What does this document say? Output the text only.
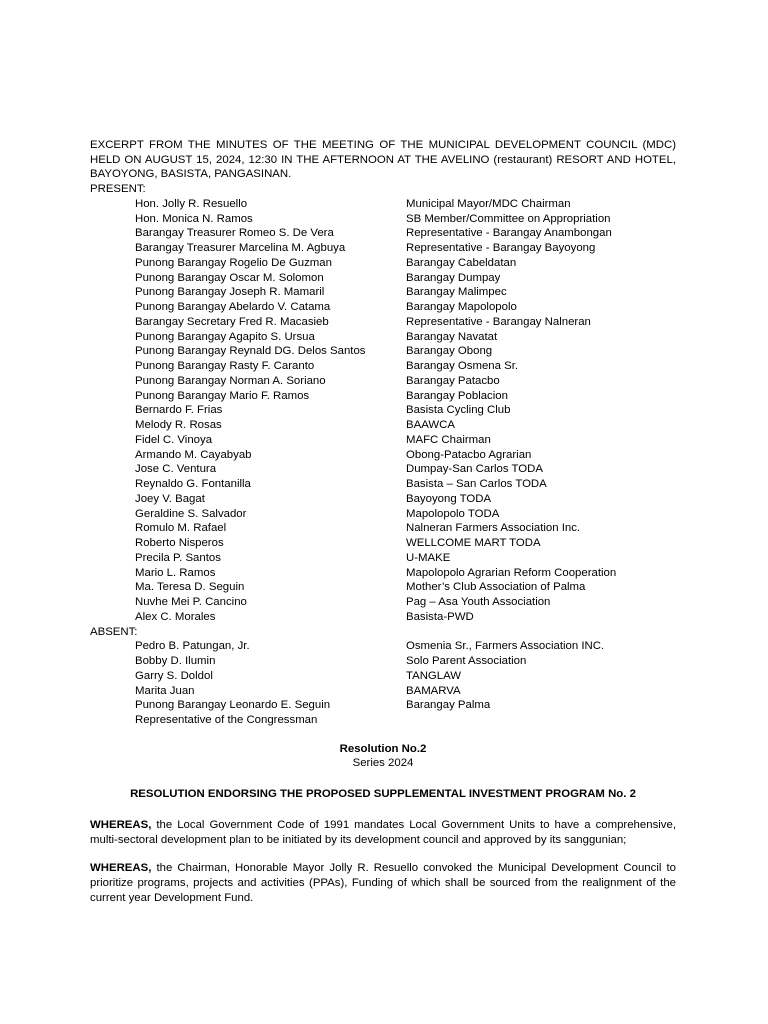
EXCERPT FROM THE MINUTES OF THE MEETING OF THE MUNICIPAL DEVELOPMENT COUNCIL (MDC) HELD ON AUGUST 15, 2024, 12:30 IN THE AFTERNOON AT THE AVELINO (restaurant) RESORT AND HOTEL, BAYOYONG, BASISTA, PANGASINAN.
PRESENT:
Hon. Jolly R. Resuello	Municipal Mayor/MDC Chairman
Hon. Monica N. Ramos	SB Member/Committee on Appropriation
Barangay Treasurer Romeo S. De Vera	Representative - Barangay Anambongan
Barangay Treasurer Marcelina M. Agbuya	Representative - Barangay Bayoyong
Punong Barangay Rogelio De Guzman	Barangay Cabeldatan
Punong Barangay Oscar M. Solomon	Barangay Dumpay
Punong Barangay Joseph R. Mamaril	Barangay Malimpec
Punong Barangay Abelardo V. Catama	Barangay Mapolopolo
Barangay Secretary Fred R. Macasieb	Representative - Barangay Nalneran
Punong Barangay Agapito S. Ursua	Barangay Navatat
Punong Barangay Reynald DG. Delos Santos	Barangay Obong
Punong Barangay Rasty F. Caranto	Barangay Osmena Sr.
Punong Barangay Norman A. Soriano	Barangay Patacbo
Punong Barangay Mario F. Ramos	Barangay Poblacion
Bernardo F. Frias	Basista Cycling Club
Melody R. Rosas	BAAWCA
Fidel C. Vinoya	MAFC Chairman
Armando M. Cayabyab	Obong-Patacbo Agrarian
Jose C. Ventura	Dumpay-San Carlos TODA
Reynaldo G. Fontanilla	Basista – San Carlos TODA
Joey V. Bagat	Bayoyong TODA
Geraldine S. Salvador	Mapolopolo TODA
Romulo M. Rafael	Nalneran Farmers Association Inc.
Roberto Nisperos	WELLCOME MART TODA
Precila P. Santos	U-MAKE
Mario L. Ramos	Mapolopolo Agrarian Reform Cooperation
Ma. Teresa D. Seguin	Mother’s Club Association of Palma
Nuvhe Mei P. Cancino	Pag – Asa Youth Association
Alex C. Morales	Basista-PWD
ABSENT:
Pedro B. Patungan, Jr.	Osmenia Sr., Farmers Association INC.
Bobby D. Ilumin	Solo Parent Association
Garry S. Doldol	TANGLAW
Marita Juan	BAMARVA
Punong Barangay Leonardo E. Seguin	Barangay Palma
Representative of the Congressman
Resolution No.2
Series 2024
RESOLUTION ENDORSING THE PROPOSED SUPPLEMENTAL INVESTMENT PROGRAM No. 2
WHEREAS, the Local Government Code of 1991 mandates Local Government Units to have a comprehensive, multi-sectoral development plan to be initiated by its development council and approved by its sanggunian;
WHEREAS, the Chairman, Honorable Mayor Jolly R. Resuello convoked the Municipal Development Council to prioritize programs, projects and activities (PPAs), Funding of which shall be sourced from the realignment of the current year Development Fund.
